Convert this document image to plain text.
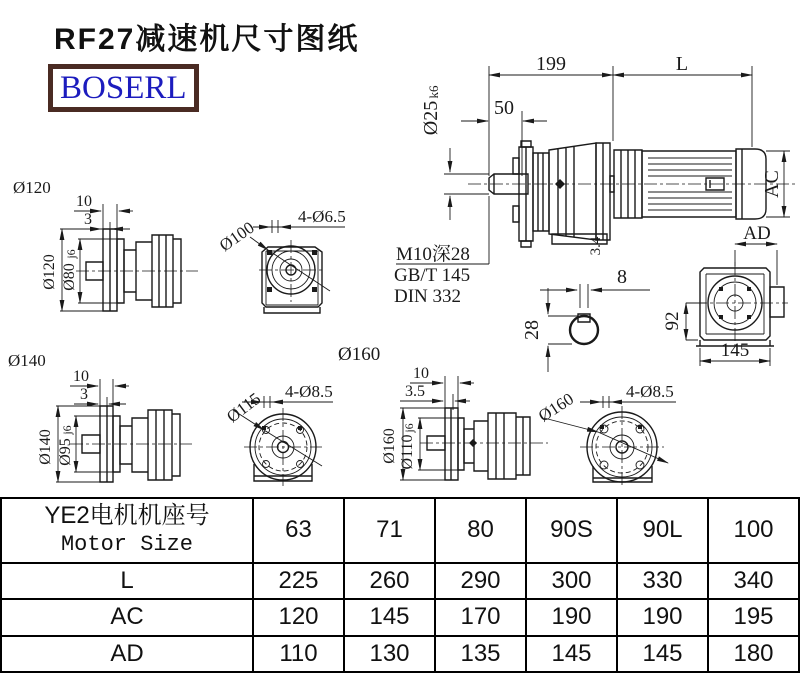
RF27减速机尺寸图纸
BOSERL
199	L
50
Ø25
k6
AC
3.4
M10深28
GB/T 145
DIN 332
8
28
AD
92
145
Ø120
10
3
Ø120 Ø80
j6
4-Ø6.5
Ø100
Ø140
10
3
Ø140 Ø95
j6
4-Ø8.5
Ø115
Ø160
10
3.5
Ø160 Ø110
j6
4-Ø8.5
Ø160
YE2电机机座号
Motor Size	63	71	80	90S	90L	100
L	225	260	290	300	330	340
AC	120	145	170	190	190	195
AD	110	130	135	145	145	180
